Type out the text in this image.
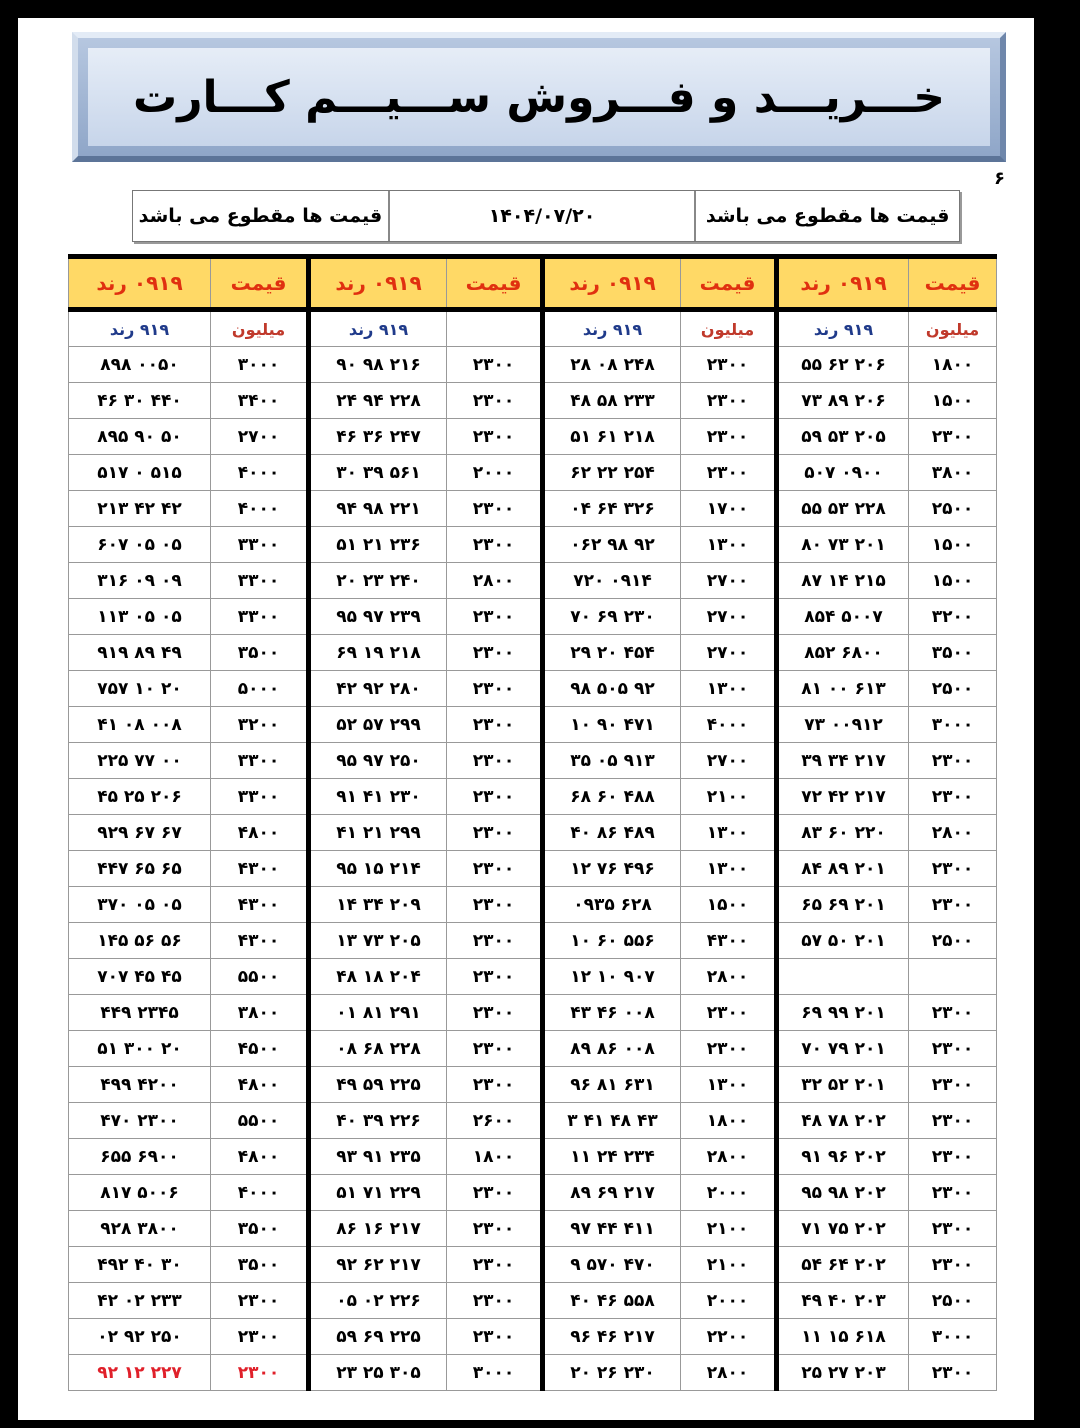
خـــریـــد و فـــروش ســـیـــم کـــارت
۶
قیمت ها مقطوع می باشد	۱۴۰۴/۰۷/۲۰	قیمت ها مقطوع می باشد
قیمت	۰۹۱۹ رند	قیمت	۰۹۱۹ رند	قیمت	۰۹۱۹ رند	قیمت	۰۹۱۹ رند
میلیون	۹۱۹ رند	میلیون	۹۱۹ رند		۹۱۹ رند	میلیون	۹۱۹ رند
۱۸۰۰	۲۰۶ ۶۲ ۵۵	۲۳۰۰	۲۴۸ ۰۸ ۲۸	۲۳۰۰	۲۱۶ ۹۸ ۹۰	۳۰۰۰	۰۰۵۰ ۸۹۸
۱۵۰۰	۲۰۶ ۸۹ ۷۳	۲۳۰۰	۲۳۳ ۵۸ ۴۸	۲۳۰۰	۲۲۸ ۹۴ ۲۴	۳۴۰۰	۴۴۰ ۳۰ ۴۶
۲۳۰۰	۲۰۵ ۵۳ ۵۹	۲۳۰۰	۲۱۸ ۶۱ ۵۱	۲۳۰۰	۲۴۷ ۳۶ ۴۶	۲۷۰۰	۵۰ ۹۰ ۸۹۵
۳۸۰۰	۰۹۰۰ ۵۰۷	۲۳۰۰	۲۵۴ ۲۲ ۶۲	۲۰۰۰	۵۶۱ ۳۹ ۳۰	۴۰۰۰	۵۱۵ ۰ ۵۱۷
۲۵۰۰	۲۲۸ ۵۳ ۵۵	۱۷۰۰	۳۲۶ ۶۴ ۰۴	۲۳۰۰	۲۲۱ ۹۸ ۹۴	۴۰۰۰	۴۲ ۴۲ ۲۱۳
۱۵۰۰	۲۰۱ ۷۳ ۸۰	۱۳۰۰	۹۲ ۹۸ ۰۶۲	۲۳۰۰	۲۳۶ ۲۱ ۵۱	۳۳۰۰	۰۵ ۰۵ ۶۰۷
۱۵۰۰	۲۱۵ ۱۴ ۸۷	۲۷۰۰	۰۹۱۴ ۷۲۰	۲۸۰۰	۲۴۰ ۲۳ ۲۰	۳۳۰۰	۰۹ ۰۹ ۳۱۶
۳۲۰۰	۵۰۰۷ ۸۵۴	۲۷۰۰	۲۳۰ ۶۹ ۷۰	۲۳۰۰	۲۳۹ ۹۷ ۹۵	۳۳۰۰	۰۵ ۰۵ ۱۱۳
۳۵۰۰	۶۸۰۰ ۸۵۲	۲۷۰۰	۴۵۴ ۲۰ ۲۹	۲۳۰۰	۲۱۸ ۱۹ ۶۹	۳۵۰۰	۴۹ ۸۹ ۹۱۹
۲۵۰۰	۶۱۳ ۰۰ ۸۱	۱۳۰۰	۹۲ ۵۰۵ ۹۸	۲۳۰۰	۲۸۰ ۹۲ ۴۲	۵۰۰۰	۲۰ ۱۰ ۷۵۷
۳۰۰۰	۰۰۹۱۲ ۷۳	۴۰۰۰	۴۷۱ ۹۰ ۱۰	۲۳۰۰	۲۹۹ ۵۷ ۵۲	۳۲۰۰	۰۰۸ ۰۸ ۴۱
۲۳۰۰	۲۱۷ ۳۴ ۳۹	۲۷۰۰	۹۱۳ ۰۵ ۳۵	۲۳۰۰	۲۵۰ ۹۷ ۹۵	۳۳۰۰	۰۰ ۷۷ ۲۲۵
۲۳۰۰	۲۱۷ ۴۲ ۷۲	۲۱۰۰	۴۸۸ ۶۰ ۶۸	۲۳۰۰	۲۳۰ ۴۱ ۹۱	۳۳۰۰	۲۰۶ ۲۵ ۴۵
۲۸۰۰	۲۲۰ ۶۰ ۸۳	۱۳۰۰	۴۸۹ ۸۶ ۴۰	۲۳۰۰	۲۹۹ ۲۱ ۴۱	۴۸۰۰	۶۷ ۶۷ ۹۲۹
۲۳۰۰	۲۰۱ ۸۹ ۸۴	۱۳۰۰	۴۹۶ ۷۶ ۱۲	۲۳۰۰	۲۱۴ ۱۵ ۹۵	۴۳۰۰	۶۵ ۶۵ ۴۴۷
۲۳۰۰	۲۰۱ ۶۹ ۶۵	۱۵۰۰	۶۲۸ ۰۹۳۵	۲۳۰۰	۲۰۹ ۳۴ ۱۴	۴۳۰۰	۰۵ ۰۵ ۳۷۰
۲۵۰۰	۲۰۱ ۵۰ ۵۷	۴۳۰۰	۵۵۶ ۶۰ ۱۰	۲۳۰۰	۲۰۵ ۷۳ ۱۳	۴۳۰۰	۵۶ ۵۶ ۱۴۵
		۲۸۰۰	۹۰۷ ۱۰ ۱۲	۲۳۰۰	۲۰۴ ۱۸ ۴۸	۵۵۰۰	۴۵ ۴۵ ۷۰۷
۲۳۰۰	۲۰۱ ۹۹ ۶۹	۲۳۰۰	۰۰۸ ۴۶ ۴۳	۲۳۰۰	۲۹۱ ۸۱ ۰۱	۳۸۰۰	۲۳۴۵ ۴۴۹
۲۳۰۰	۲۰۱ ۷۹ ۷۰	۲۳۰۰	۰۰۸ ۸۶ ۸۹	۲۳۰۰	۲۲۸ ۶۸ ۰۸	۴۵۰۰	۲۰ ۳۰۰ ۵۱
۲۳۰۰	۲۰۱ ۵۲ ۳۲	۱۳۰۰	۶۳۱ ۸۱ ۹۶	۲۳۰۰	۲۲۵ ۵۹ ۴۹	۴۸۰۰	۴۲۰۰ ۴۹۹
۲۳۰۰	۲۰۲ ۷۸ ۴۸	۱۸۰۰	۴۳ ۴۸ ۴۱ ۳	۲۶۰۰	۲۲۶ ۳۹ ۴۰	۵۵۰۰	۲۳۰۰ ۴۷۰
۲۳۰۰	۲۰۲ ۹۶ ۹۱	۲۸۰۰	۲۳۴ ۲۴ ۱۱	۱۸۰۰	۲۳۵ ۹۱ ۹۳	۴۸۰۰	۶۹۰۰ ۶۵۵
۲۳۰۰	۲۰۲ ۹۸ ۹۵	۲۰۰۰	۲۱۷ ۶۹ ۸۹	۲۳۰۰	۲۲۹ ۷۱ ۵۱	۴۰۰۰	۵۰۰۶ ۸۱۷
۲۳۰۰	۲۰۲ ۷۵ ۷۱	۲۱۰۰	۴۱۱ ۴۴ ۹۷	۲۳۰۰	۲۱۷ ۱۶ ۸۶	۳۵۰۰	۳۸۰۰ ۹۲۸
۲۳۰۰	۲۰۲ ۶۴ ۵۴	۲۱۰۰	۴۷۰ ۵۷۰ ۹	۲۳۰۰	۲۱۷ ۶۲ ۹۲	۳۵۰۰	۳۰ ۴۰ ۴۹۲
۲۵۰۰	۲۰۳ ۴۰ ۴۹	۲۰۰۰	۵۵۸ ۴۶ ۴۰	۲۳۰۰	۲۲۶ ۰۲ ۰۵	۲۳۰۰	۲۳۳ ۰۲ ۴۲
۳۰۰۰	۶۱۸ ۱۵ ۱۱	۲۲۰۰	۲۱۷ ۴۶ ۹۶	۲۳۰۰	۲۲۵ ۶۹ ۵۹	۲۳۰۰	۲۵۰ ۹۲ ۰۲
۲۳۰۰	۲۰۳ ۲۷ ۲۵	۲۸۰۰	۲۳۰ ۲۶ ۲۰	۳۰۰۰	۳۰۵ ۲۵ ۲۳	۲۳۰۰	۲۲۷ ۱۲ ۹۲
